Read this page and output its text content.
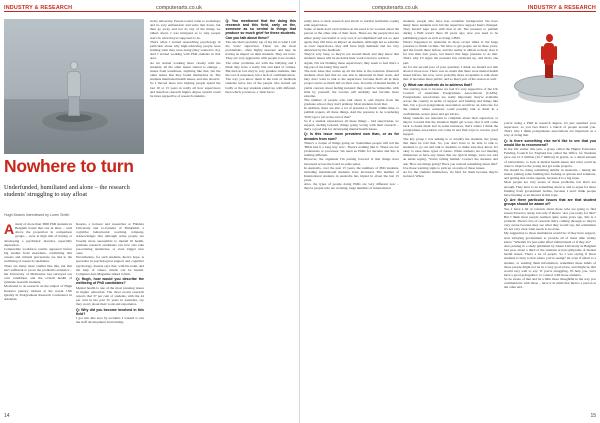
INDUSTRY & RESEARCH	computerarts.co.uk
Nowhere to turn
Underfunded, humiliated and alone – the research students' struggling to stay afloat
Hugh Kearns interviewed by Loren Smith

Astudy of more than 3600 PhD students in Belgium found that one in three – well above the proportion in comparison groups – were at high risk of having or developing a psychiatric disorder, especially depression.

Comparable workforce results appeared before big studies from elsewhere, confirming that careers and cultural perceptions are tied to the wellbeing of research candidates.

There are many more studies like this, but that isn't sufficient to prove the problem's existence – the University of Melbourne last surveyed our own candidates and the overall health of graduate research students.

Motivated to do research on the subject of Hugh Kearns's plenary address at the recent 13th Quality in Postgraduate Research Conference in Adelaide,

Kearns, a lecturer and researcher at Flinders University and co-founder of ThinkWell, a cognitive behavioural coaching company, acknowledges that although some people are broadly more susceptible to mental ill health, graduate research candidates can now also take pre-existing tendencies, or even trigger new ones.

Nevertheless, for such students, there's hope. A specialist in psychological support and cognitive psychology, Kearns says that, with his team, and the help of others, minds can be healed. Computer Arts Magazine talked to him.

Q: Hugh, how would you describe the wellbeing of PhD candidates?

Mental health is one of the most pressing issues in higher education. The most recent research reports that 37 per cent of students, with the 44 per cent in the past 25 years in Australia, say they worry about their work and experience.

Q: Why did you become involved in this field?

I got into this area by accident. I wanted to run the staff development and training.

in my university. People would come to workshops and be very enthusiastic and write that down, but then go away and not do any of the things we talked about. I was intrigued as to why people don't do what they're supposed to do.

That's when I started researching psychology in particular about why high-achieving people were holding what they were doing (they wanted to do). And I started working with PhD students in that area.

As we started working more closely with the students, all the other issues started to emerge – issues from loneliness, anything like that, but the other issues that they found themselves in. The students mentioned health issues, and also about it.

So I moved more into helping people spend the last 10 or 15 years in really all how supervisors and therefore research higher degree system could be more supportive of research students.

Q: You mentioned that the doing this research and this field, early on the, someone as so central to things that produce so much grief for these students. Can you talk about these?

The one that's probably top of my list is what I call the 'toxic' supervisor. These are the most problematic, often highly insecure and may be having an impact on their students. They are toxic. They are very aggressive with people to be around.

The other problems are with the bullying and I think they have a really bad and kind of culture. But then in fact they're very genuine students, like the sort of unspoken, but a lack of communication.

The way you know them is the lack of feedback students leave lots of the people who started out badly or the key students ended up with different, then which you know, a 'dark force'.

14
computerarts.co.uk	INDUSTRY & RESEARCH

really have to their research and attach to normal normalise coping with supervision.

Some of them don't even believe in the need to be worried about the person at the other side of their fears. These are the people that are either pretty successful or very sort of accomplished and not so. And again, they will have an impact on students. Although not so extreme as toxic supervisors, they still have high demands and are very distracted by the feedback.

They're very busy, so they're not around much and they know that student's issues will be such that their work is hard to retrieve.

Again, I'm not blaming these supervisors; they seem to feel that's a big part of me being 'they need'.

The next issue that comes up all the time is the isolation. Research students often feel that no one else is interested in their work, and they don't want to talk to the supervisor, because that's all in their project and is as much left on their own. In terms of mental health, it yields concern about feeling isolated; they could be vulnerable, with little by yourself, the worries will multiply and become more extreme.

The number of people who talk about it, and maybe from the graduate school, they don't primary. Most students from that.

In addition, there are also a lot of pressure to finish within time, to publish papers, all these things. And the pressure to be wondering 'Will I get a job at the end of this?'

So if a student experiences all these things – bad supervision, no support, feeling isolated, things going wrong with their research – that's a good risk for developing mental health issues.

Q: Is this issue more prevalent now than, or as for decades from now?

There's a couple of things going on. Sometimes people will tell me 'PhDs had it a long way now'. There's nothing like it. These are not professions or processes. We need us PhDs for decades and this is nothing different.

However, the argument I'm putting forward is that things have increased across the board in some sense.

In Australia, over the past 15 years, the numbers of PhD students, including international students, have increased. The number of International students in Australia has tripled in about the last 15 years.

Also, the types of people doing PhDs are very different now – they're people who are working, large numbers of international

students, people who have less academic background. We have many more students now but the supervisor support hasn't changed. They haven't kept pace with that at all. The pressure to publish during a PhD wasn't there 20 years ago; now you need to be publishing papers as well as doing a PhD.

What's happened in Australia in more recent times is the huge pressure to finish on time. We have to get people out in three years, and the fourth there before, and the reality is almost nobody does it for less than four years, but there's this huge pressure to do that. That's why I'd argue the pressure has ratcheted up, and that's one part.

As for the second part of your question, I think we should not talk about it more now. There was no doubt that there were mental health issues before, but now, we're probably more acceptable to talk about that. It becomes more public, and so that's part of the reason as well.

Q: What can students do to address that?

The starting state is because we feel it's very supportive of the UK Council of Australian Postgraduate Associations (CAPA). Postgraduate associations are really important; they're available across the country in terms of support and funding and things like that, but a good postgraduate association would be an advocate for the student where someone could possibly talk to them in a confidential, secure place and get advice.

Many students are reluctant to complain about their supervisor or they're worried that the situation might get worse, that it will come back to haunt them and in some instances, that's where I think the postgraduate association can come in and find ways to resolve good support.

The key group I was talking to is actually the students, the group that must be told that. So, you don't have to be able to talk to students to go out and talk to students, to make sure they know. It's okay to raise these types of issues. When students are not meeting milestones or have any issues that are typical things, we're not told an email saying, 'You're falling behind.' Contact the students and ask, 'How are things going? Have you noticed something about this?'

Use those warning signs to pick up on some of these issues.

As for the students themselves, it's hard for them because they're isolated. When

you're doing a PhD in research degree, it's just assumed your supervisor, so you feel there's a bunch of people around you. That's why I think postgraduate associations are important as a way of doing that.

Q: Is there something else we'd like to see that you would like to recommend?

In the UK earlier this year, a group called the Higher Education Funding Council for England has called the Office for Students gave out £1.5 million (£2.7 million) in grants, so a small amount of universities, to look at mental health issues and what could be done to improve the young and get some projects.

We should be doing something similar in Australia – taking the issues, putting some funding into looking at options and solutions, and getting this on the agenda, because it is a big issue.

Most people are very aware of these problems, but that's not enough. They have to do something about it, and to argue for more funding from government bodies, because I don't think people have funding or an interest in this topic.

Q: Are there particular issues that are that student groups should be aware of?

Yes, I have a bit of concern about those who are going to find research hard to study, but only if there's: 'Are you ready for this?' But I think most people realised quite some years ago, this is a problem. There's lots of research that's coming through so they're very aware because they see what they would say, but sometimes it's not very clear what needs to be done.

My suggestion to those institutions would be: if they have support, start lobbying government to provide all of these time widely know,' 'Whether it's just some effort behind them or if they do?'

Also joining in a study published by Ghent University in Belgium last year, about a third of the students at had symptoms of mental health issues. That's a lot of people. So I was saying if those students is busy is that where you're seeing? Or even if email to a student, or sending them information, remember these kinds of those people might not be in a very good place, and might be that would very well to say: 'If you're struggling, I'll help you. Let's have a good gettogether,' to connect with those students.

So be aware of that and be a little more thoughtful in the way you communicate with those – have it in mind that there's a person at the other end.

15
